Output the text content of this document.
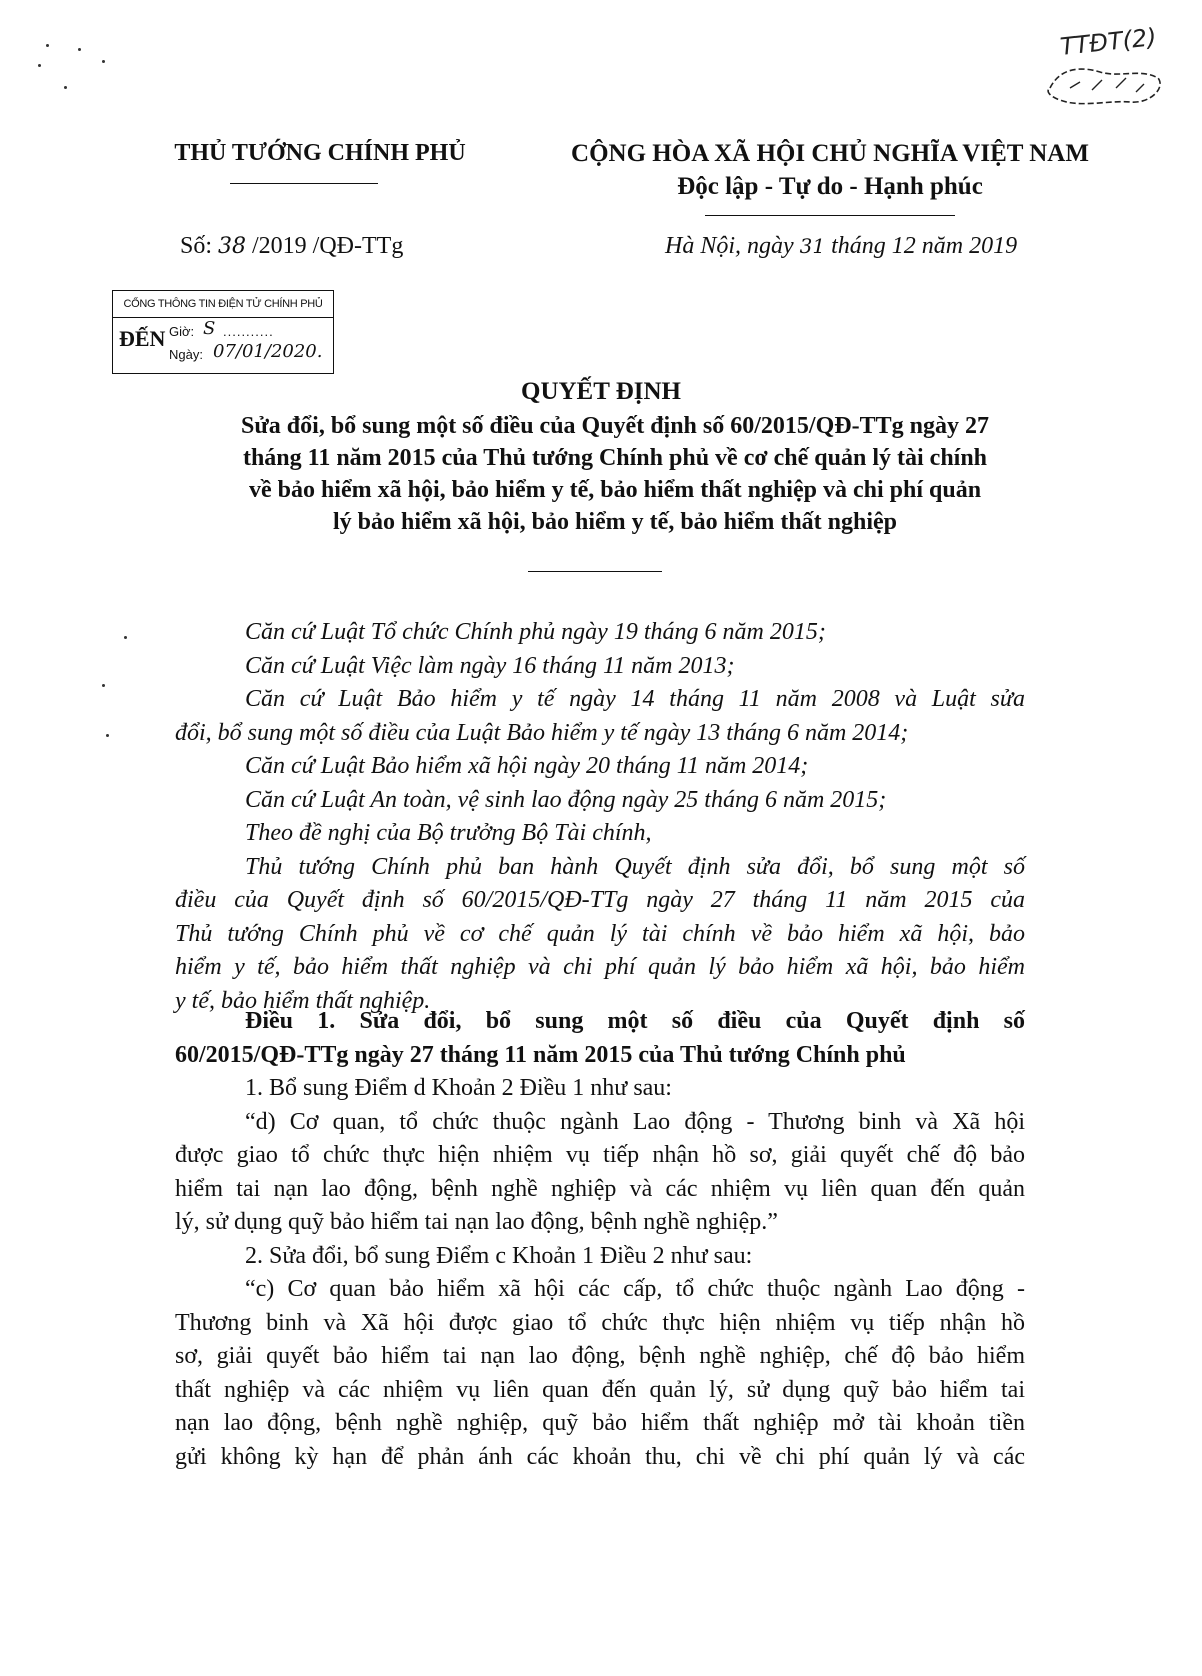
TTĐT(2)
THỦ TƯỚNG CHÍNH PHỦ	CỘNG HÒA XÃ HỘI CHỦ NGHĨA VIỆT NAM
Độc lập - Tự do - Hạnh phúc
Số: 38 /2019 /QĐ-TTg	Hà Nội, ngày 31 tháng 12 năm 2019
CỔNG THÔNG TIN ĐIỆN TỬ CHÍNH PHỦ
ĐẾN Giờ: S ...........
Ngày: 07/01/2020.
QUYẾT ĐỊNH
Sửa đổi, bổ sung một số điều của Quyết định số 60/2015/QĐ-TTg ngày 27
tháng 11 năm 2015 của Thủ tướng Chính phủ về cơ chế quản lý tài chính
về bảo hiểm xã hội, bảo hiểm y tế, bảo hiểm thất nghiệp và chi phí quản
lý bảo hiểm xã hội, bảo hiểm y tế, bảo hiểm thất nghiệp
Căn cứ Luật Tổ chức Chính phủ ngày 19 tháng 6 năm 2015;
Căn cứ Luật Việc làm ngày 16 tháng 11 năm 2013;
Căn cứ Luật Bảo hiểm y tế ngày 14 tháng 11 năm 2008 và Luật sửa
đổi, bổ sung một số điều của Luật Bảo hiểm y tế ngày 13 tháng 6 năm 2014;
Căn cứ Luật Bảo hiểm xã hội ngày 20 tháng 11 năm 2014;
Căn cứ Luật An toàn, vệ sinh lao động ngày 25 tháng 6 năm 2015;
Theo đề nghị của Bộ trưởng Bộ Tài chính,
Thủ tướng Chính phủ ban hành Quyết định sửa đổi, bổ sung một số
điều của Quyết định số 60/2015/QĐ-TTg ngày 27 tháng 11 năm 2015 của
Thủ tướng Chính phủ về cơ chế quản lý tài chính về bảo hiểm xã hội, bảo
hiểm y tế, bảo hiểm thất nghiệp và chi phí quản lý bảo hiểm xã hội, bảo hiểm
y tế, bảo hiểm thất nghiệp.
Điều 1. Sửa đổi, bổ sung một số điều của Quyết định số
60/2015/QĐ-TTg ngày 27 tháng 11 năm 2015 của Thủ tướng Chính phủ
1. Bổ sung Điểm d Khoản 2 Điều 1 như sau:
“d) Cơ quan, tổ chức thuộc ngành Lao động - Thương binh và Xã hội
được giao tổ chức thực hiện nhiệm vụ tiếp nhận hồ sơ, giải quyết chế độ bảo
hiểm tai nạn lao động, bệnh nghề nghiệp và các nhiệm vụ liên quan đến quản
lý, sử dụng quỹ bảo hiểm tai nạn lao động, bệnh nghề nghiệp.”
2. Sửa đổi, bổ sung Điểm c Khoản 1 Điều 2 như sau:
“c) Cơ quan bảo hiểm xã hội các cấp, tổ chức thuộc ngành Lao động -
Thương binh và Xã hội được giao tổ chức thực hiện nhiệm vụ tiếp nhận hồ
sơ, giải quyết bảo hiểm tai nạn lao động, bệnh nghề nghiệp, chế độ bảo hiểm
thất nghiệp và các nhiệm vụ liên quan đến quản lý, sử dụng quỹ bảo hiểm tai
nạn lao động, bệnh nghề nghiệp, quỹ bảo hiểm thất nghiệp mở tài khoản tiền
gửi không kỳ hạn để phản ánh các khoản thu, chi về chi phí quản lý và các
